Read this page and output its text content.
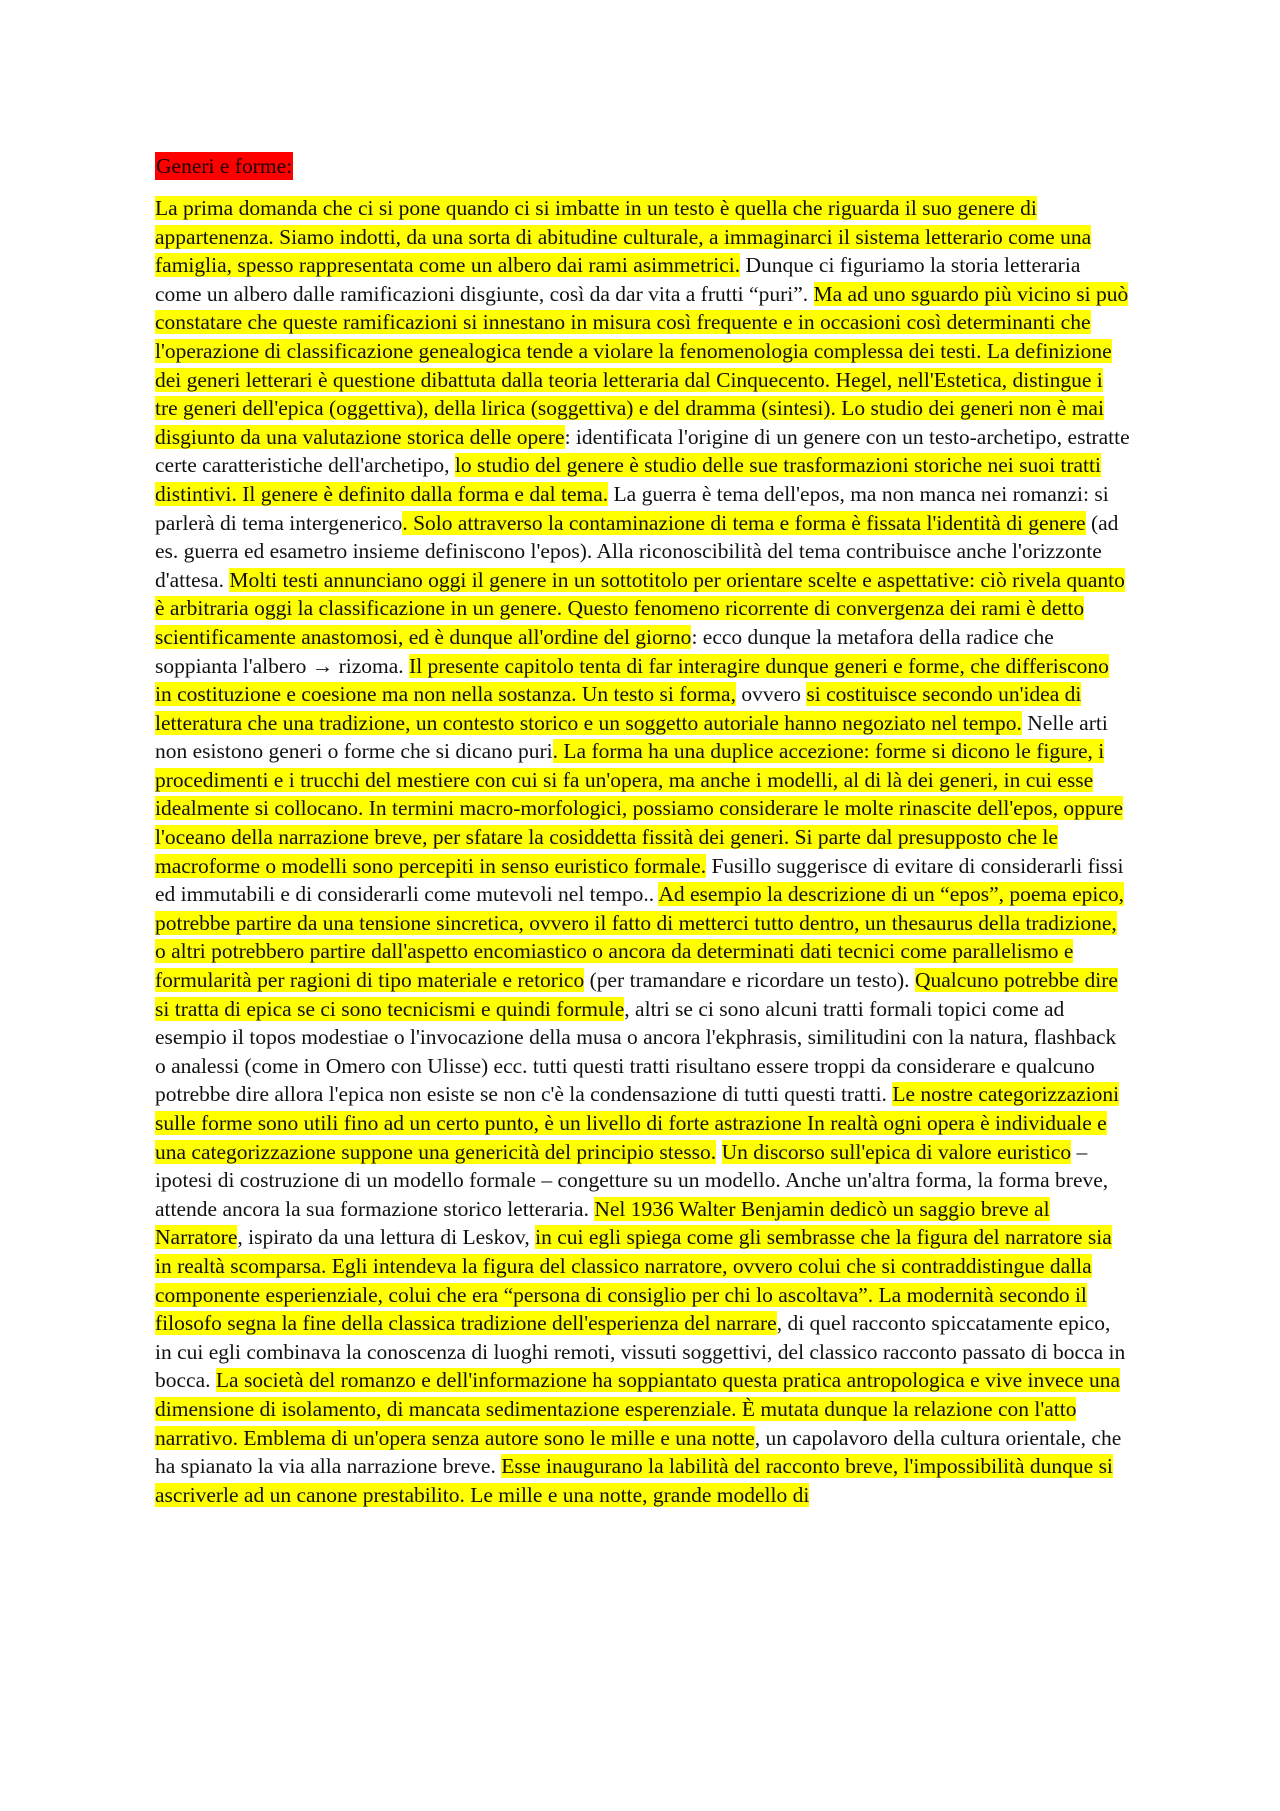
Generi e forme:

La prima domanda che ci si pone quando ci si imbatte in un testo è quella che riguarda il suo genere di appartenenza. Siamo indotti, da una sorta di abitudine culturale, a immaginarci il sistema letterario come una famiglia, spesso rappresentata come un albero dai rami asimmetrici. Dunque ci figuriamo la storia letteraria come un albero dalle ramificazioni disgiunte, così da dar vita a frutti “puri”. Ma ad uno sguardo più vicino si può constatare che queste ramificazioni si innestano in misura così frequente e in occasioni così determinanti che l'operazione di classificazione genealogica tende a violare la fenomenologia complessa dei testi. La definizione dei generi letterari è questione dibattuta dalla teoria letteraria dal Cinquecento. Hegel, nell'Estetica, distingue i tre generi dell'epica (oggettiva), della lirica (soggettiva) e del dramma (sintesi). Lo studio dei generi non è mai disgiunto da una valutazione storica delle opere: identificata l'origine di un genere con un testo-archetipo, estratte certe caratteristiche dell'archetipo, lo studio del genere è studio delle sue trasformazioni storiche nei suoi tratti distintivi. Il genere è definito dalla forma e dal tema. La guerra è tema dell'epos, ma non manca nei romanzi: si parlerà di tema intergenerico. Solo attraverso la contaminazione di tema e forma è fissata l'identità di genere (ad es. guerra ed esametro insieme definiscono l'epos). Alla riconoscibilità del tema contribuisce anche l'orizzonte d'attesa. Molti testi annunciano oggi il genere in un sottotitolo per orientare scelte e aspettative: ciò rivela quanto è arbitraria oggi la classificazione in un genere. Questo fenomeno ricorrente di convergenza dei rami è detto scientificamente anastomosi, ed è dunque all'ordine del giorno: ecco dunque la metafora della radice che soppianta l'albero → rizoma. Il presente capitolo tenta di far interagire dunque generi e forme, che differiscono in costituzione e coesione ma non nella sostanza. Un testo si forma, ovvero si costituisce secondo un'idea di letteratura che una tradizione, un contesto storico e un soggetto autoriale hanno negoziato nel tempo. Nelle arti non esistono generi o forme che si dicano puri. La forma ha una duplice accezione: forme si dicono le figure, i procedimenti e i trucchi del mestiere con cui si fa un'opera, ma anche i modelli, al di là dei generi, in cui esse idealmente si collocano. In termini macro-morfologici, possiamo considerare le molte rinascite dell'epos, oppure l'oceano della narrazione breve, per sfatare la cosiddetta fissità dei generi. Si parte dal presupposto che le macroforme o modelli sono percepiti in senso euristico formale. Fusillo suggerisce di evitare di considerarli fissi ed immutabili e di considerarli come mutevoli nel tempo.. Ad esempio la descrizione di un “epos”, poema epico, potrebbe partire da una tensione sincretica, ovvero il fatto di metterci tutto dentro, un thesaurus della tradizione, o altri potrebbero partire dall'aspetto encomiastico o ancora da determinati dati tecnici come parallelismo e formularità per ragioni di tipo materiale e retorico (per tramandare e ricordare un testo). Qualcuno potrebbe dire si tratta di epica se ci sono tecnicismi e quindi formule, altri se ci sono alcuni tratti formali topici come ad esempio il topos modestiae o l'invocazione della musa o ancora l'ekphrasis, similitudini con la natura, flashback o analessi (come in Omero con Ulisse) ecc. tutti questi tratti risultano essere troppi da considerare e qualcuno potrebbe dire allora l'epica non esiste se non c'è la condensazione di tutti questi tratti. Le nostre categorizzazioni sulle forme sono utili fino ad un certo punto, è un livello di forte astrazione In realtà ogni opera è individuale e una categorizzazione suppone una genericità del principio stesso. Un discorso sull'epica di valore euristico – ipotesi di costruzione di un modello formale – congetture su un modello. Anche un'altra forma, la forma breve, attende ancora la sua formazione storico letteraria. Nel 1936 Walter Benjamin dedicò un saggio breve al Narratore, ispirato da una lettura di Leskov, in cui egli spiega come gli sembrasse che la figura del narratore sia in realtà scomparsa. Egli intendeva la figura del classico narratore, ovvero colui che si contraddistingue dalla componente esperienziale, colui che era “persona di consiglio per chi lo ascoltava”. La modernità secondo il filosofo segna la fine della classica tradizione dell'esperienza del narrare, di quel racconto spiccatamente epico, in cui egli combinava la conoscenza di luoghi remoti, vissuti soggettivi, del classico racconto passato di bocca in bocca. La società del romanzo e dell'informazione ha soppiantato questa pratica antropologica e vive invece una dimensione di isolamento, di mancata sedimentazione esperenziale. È mutata dunque la relazione con l'atto narrativo. Emblema di un'opera senza autore sono le mille e una notte, un capolavoro della cultura orientale, che ha spianato la via alla narrazione breve. Esse inaugurano la labilità del racconto breve, l'impossibilità dunque si ascriverle ad un canone prestabilito. Le mille e una notte, grande modello di
